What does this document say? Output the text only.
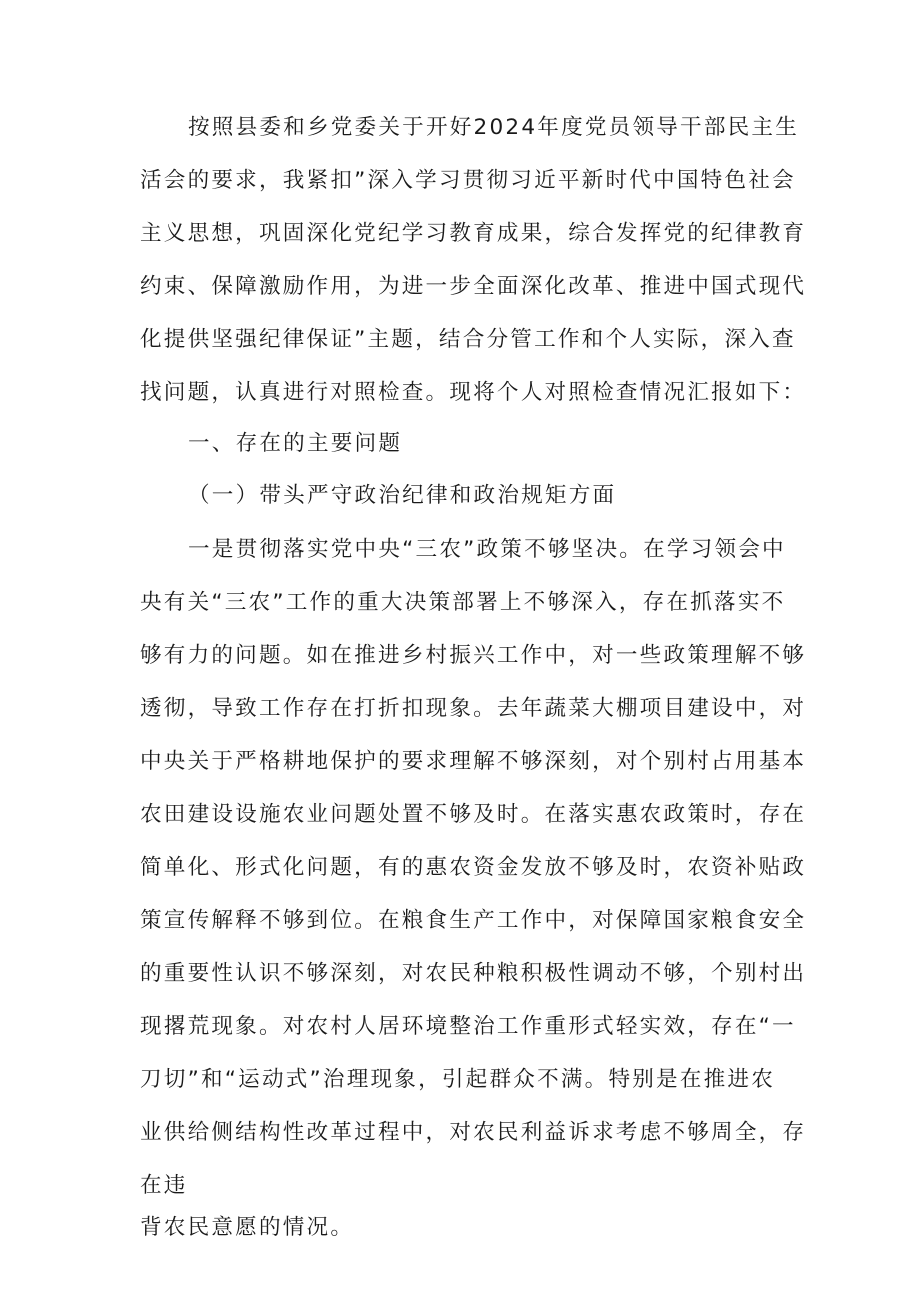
按照县委和乡党委关于开好2024年度党员领导干部民主生
活会的要求，我紧扣”深入学习贯彻习近平新时代中国特色社会
主义思想，巩固深化党纪学习教育成果，综合发挥党的纪律教育
约束、保障激励作用，为进一步全面深化改革、推进中国式现代
化提供坚强纪律保证”主题，结合分管工作和个人实际，深入查
找问题，认真进行对照检查。现将个人对照检查情况汇报如下：
一、存在的主要问题
（一）带头严守政治纪律和政治规矩方面
一是贯彻落实党中央“三农”政策不够坚决。在学习领会中
央有关“三农”工作的重大决策部署上不够深入，存在抓落实不
够有力的问题。如在推进乡村振兴工作中，对一些政策理解不够
透彻，导致工作存在打折扣现象。去年蔬菜大棚项目建设中，对
中央关于严格耕地保护的要求理解不够深刻，对个别村占用基本
农田建设设施农业问题处置不够及时。在落实惠农政策时，存在
简单化、形式化问题，有的惠农资金发放不够及时，农资补贴政
策宣传解释不够到位。在粮食生产工作中，对保障国家粮食安全
的重要性认识不够深刻，对农民种粮积极性调动不够，个别村出
现撂荒现象。对农村人居环境整治工作重形式轻实效，存在“一
刀切”和“运动式”治理现象，引起群众不满。特别是在推进农
业供给侧结构性改革过程中，对农民利益诉求考虑不够周全，存
在违
背农民意愿的情况。
